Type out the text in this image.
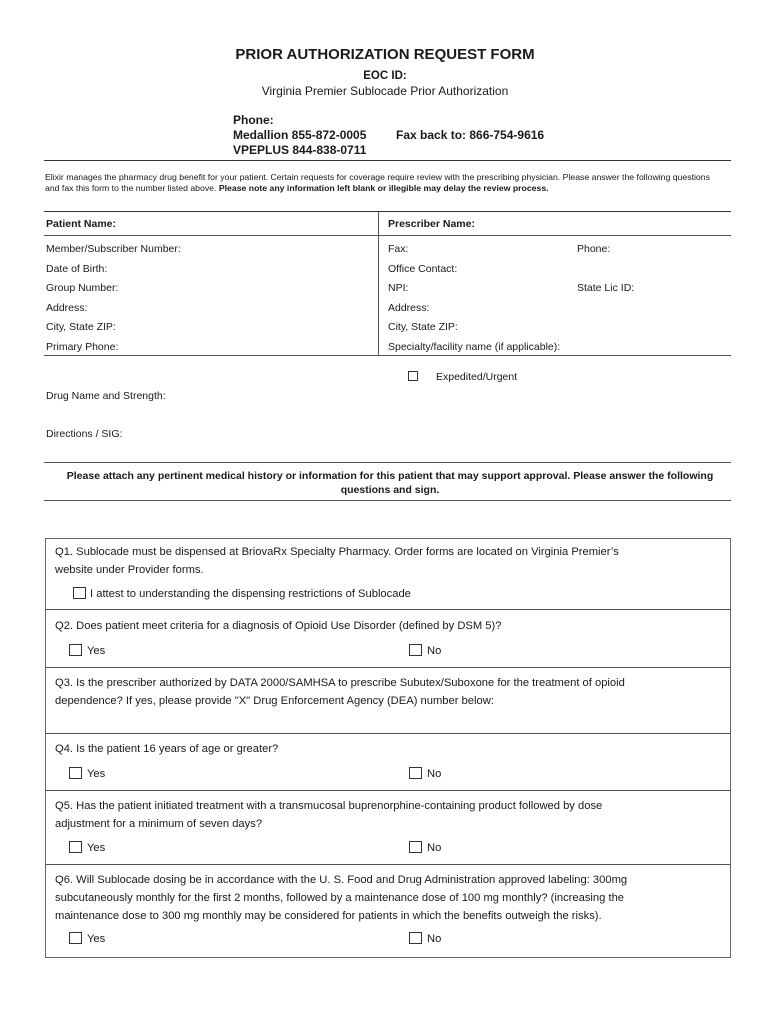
PRIOR AUTHORIZATION REQUEST FORM
EOC ID:
Virginia Premier Sublocade Prior Authorization
Phone:
Medallion 855-872-0005
VPEPLUS 844-838-0711
Fax back to: 866-754-9616
Elixir manages the pharmacy drug benefit for your patient. Certain requests for coverage require review with the prescribing physician. Please answer the following questions and fax this form to the number listed above. Please note any information left blank or illegible may delay the review process.
Patient Name:	Prescriber Name:
Member/Subscriber Number:
Date of Birth:
Group Number:
Address:
City, State ZIP:
Primary Phone:
Fax:	Phone:
Office Contact:
NPI:	State Lic ID:
Address:
City, State ZIP:
Specialty/facility name (if applicable):
Expedited/Urgent
Drug Name and Strength:
Directions / SIG:
Please attach any pertinent medical history or information for this patient that may support approval. Please answer the following questions and sign.
Q1. Sublocade must be dispensed at BriovaRx Specialty Pharmacy. Order forms are located on Virginia Premier’s
website under Provider forms.
I attest to understanding the dispensing restrictions of Sublocade
Q2. Does patient meet criteria for a diagnosis of Opioid Use Disorder (defined by DSM 5)?
Yes	No
Q3. Is the prescriber authorized by DATA 2000/SAMHSA to prescribe Subutex/Suboxone for the treatment of opioid
dependence? If yes, please provide "X" Drug Enforcement Agency (DEA) number below:
Q4. Is the patient 16 years of age or greater?
Yes	No
Q5. Has the patient initiated treatment with a transmucosal buprenorphine-containing product followed by dose
adjustment for a minimum of seven days?
Yes	No
Q6. Will Sublocade dosing be in accordance with the U. S. Food and Drug Administration approved labeling: 300mg
subcutaneously monthly for the first 2 months, followed by a maintenance dose of 100 mg monthly? (increasing the
maintenance dose to 300 mg monthly may be considered for patients in which the benefits outweigh the risks).
Yes	No
